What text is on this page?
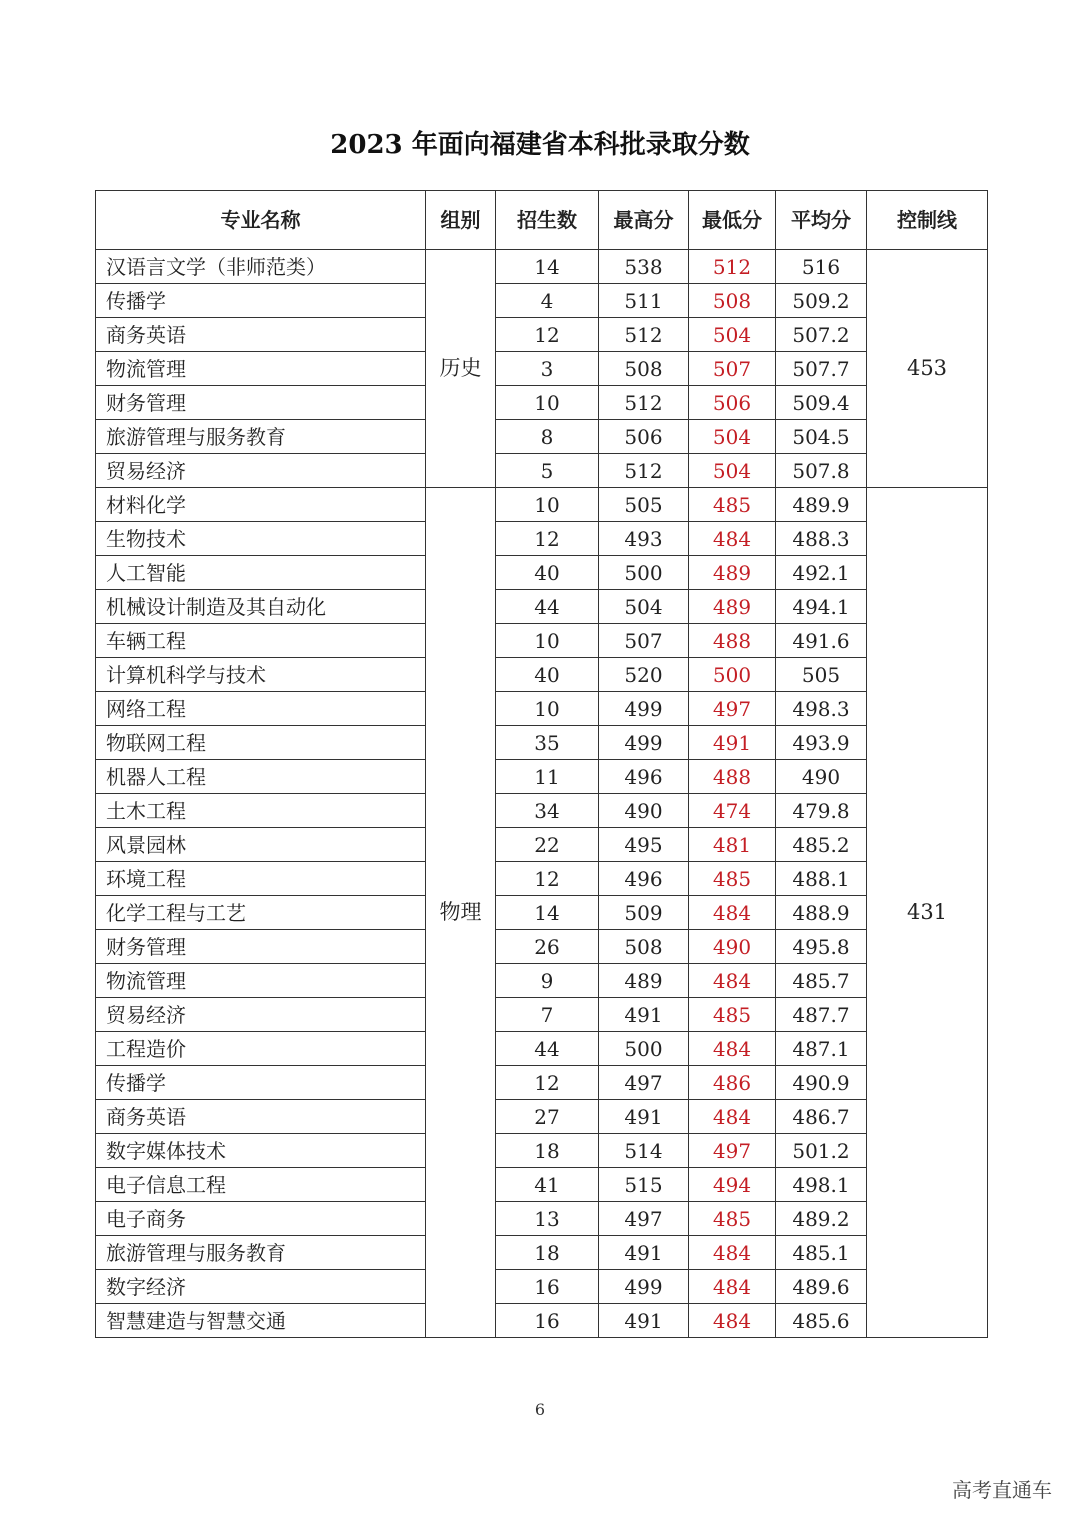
2023 年面向福建省本科批录取分数
专业名称	组别	招生数	最高分	最低分	平均分	控制线
汉语言文学（非师范类）	历史	14	538	512	516	453
传播学		4	511	508	509.2	
商务英语		12	512	504	507.2	
物流管理		3	508	507	507.7	
财务管理		10	512	506	509.4	
旅游管理与服务教育		8	506	504	504.5	
贸易经济		5	512	504	507.8	
材料化学	物理	10	505	485	489.9	431
生物技术		12	493	484	488.3	
人工智能		40	500	489	492.1	
机械设计制造及其自动化		44	504	489	494.1	
车辆工程		10	507	488	491.6	
计算机科学与技术		40	520	500	505	
网络工程		10	499	497	498.3	
物联网工程		35	499	491	493.9	
机器人工程		11	496	488	490	
土木工程		34	490	474	479.8	
风景园林		22	495	481	485.2	
环境工程		12	496	485	488.1	
化学工程与工艺		14	509	484	488.9	
财务管理		26	508	490	495.8	
物流管理		9	489	484	485.7	
贸易经济		7	491	485	487.7	
工程造价		44	500	484	487.1	
传播学		12	497	486	490.9	
商务英语		27	491	484	486.7	
数字媒体技术		18	514	497	501.2	
电子信息工程		41	515	494	498.1	
电子商务		13	497	485	489.2	
旅游管理与服务教育		18	491	484	485.1	
数字经济		16	499	484	489.6	
智慧建造与智慧交通		16	491	484	485.6	
6
高考直通车
